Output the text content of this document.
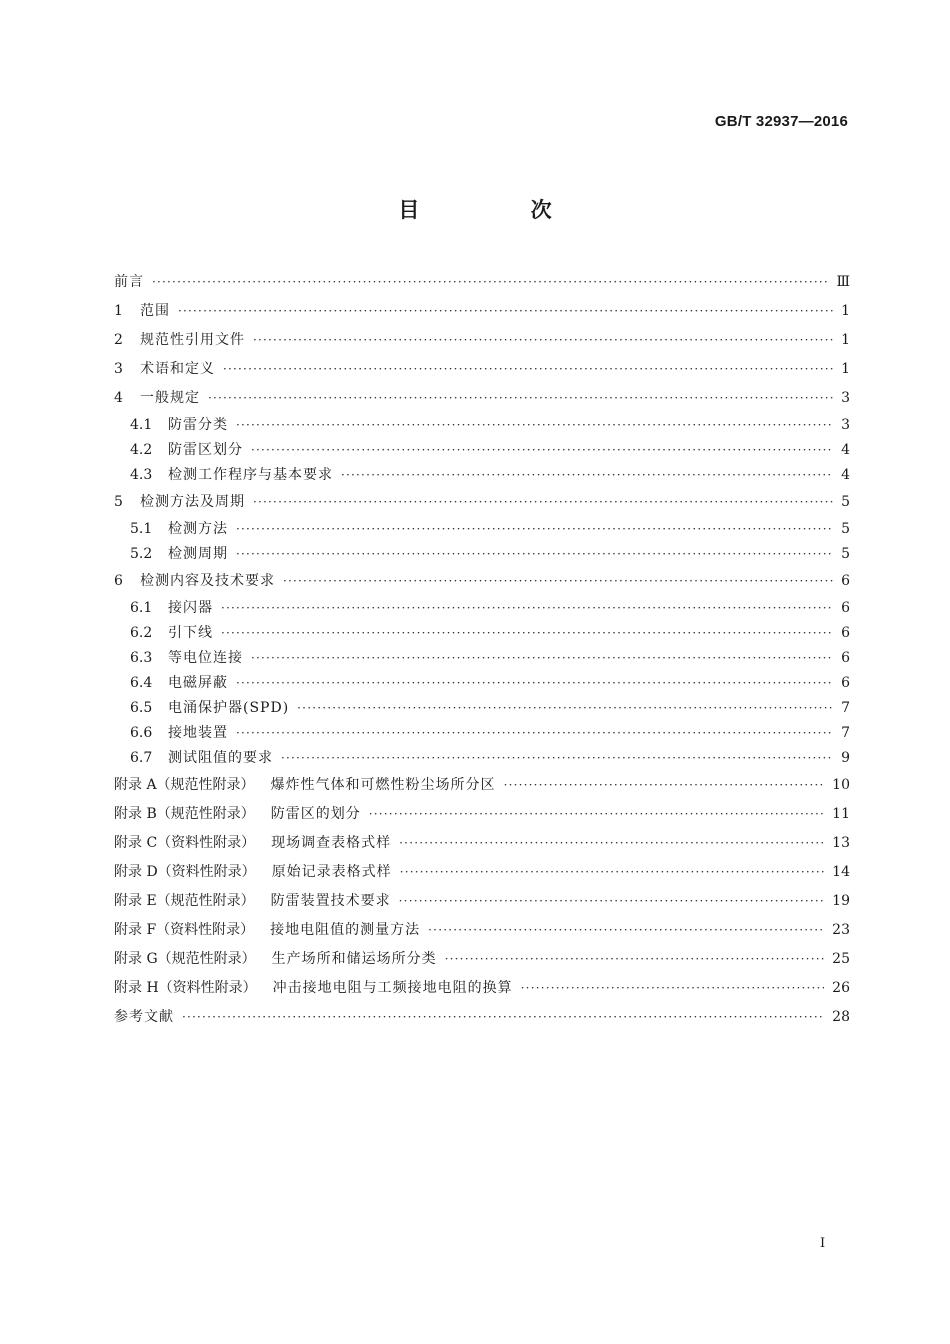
GB/T 32937—2016
目 次
前言 ·····	Ⅲ
1	范围 ·····	1
2	规范性引用文件 ·····	1
3	术语和定义 ·····	1
4	一般规定 ·····	3
4.1	防雷分类 ·····	3
4.2	防雷区划分 ·····	4
4.3	检测工作程序与基本要求 ·····	4
5	检测方法及周期 ·····	5
5.1	检测方法 ·····	5
5.2	检测周期 ·····	5
6	检测内容及技术要求 ·····	6
6.1	接闪器 ·····	6
6.2	引下线 ·····	6
6.3	等电位连接 ·····	6
6.4	电磁屏蔽 ·····	6
6.5	电涌保护器(SPD) ·····	7
6.6	接地装置 ·····	7
6.7	测试阻值的要求 ·····	9
附录 A（规范性附录） 爆炸性气体和可燃性粉尘场所分区 ·····	10
附录 B（规范性附录） 防雷区的划分 ·····	11
附录 C（资料性附录） 现场调查表格式样 ·····	13
附录 D（资料性附录） 原始记录表格式样 ·····	14
附录 E（规范性附录） 防雷装置技术要求 ·····	19
附录 F（资料性附录） 接地电阻值的测量方法 ·····	23
附录 G（规范性附录） 生产场所和储运场所分类 ·····	25
附录 H（资料性附录） 冲击接地电阻与工频接地电阻的换算 ·····	26
参考文献 ·····	28
I
